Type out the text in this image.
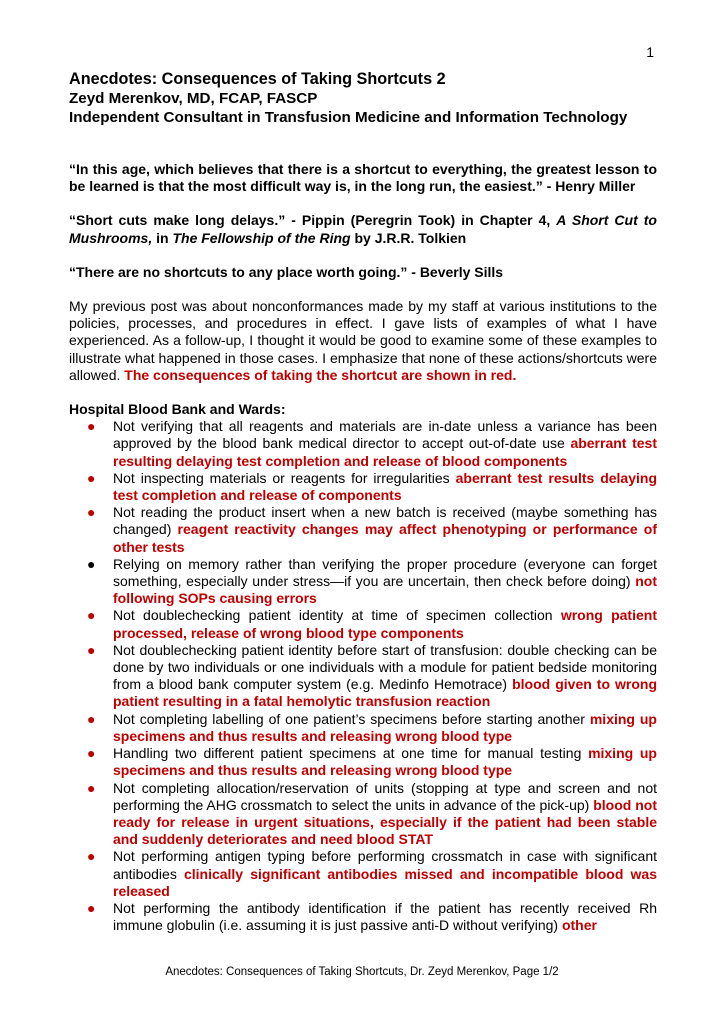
1
Anecdotes: Consequences of Taking Shortcuts 2
Zeyd Merenkov, MD, FCAP, FASCP
Independent Consultant in Transfusion Medicine and Information Technology
“In this age, which believes that there is a shortcut to everything, the greatest lesson to be learned is that the most difficult way is, in the long run, the easiest.” - Henry Miller
“Short cuts make long delays.” - Pippin (Peregrin Took) in Chapter 4, A Short Cut to Mushrooms, in The Fellowship of the Ring by J.R.R. Tolkien
“There are no shortcuts to any place worth going.” - Beverly Sills
My previous post was about nonconformances made by my staff at various institutions to the policies, processes, and procedures in effect. I gave lists of examples of what I have experienced. As a follow-up, I thought it would be good to examine some of these examples to illustrate what happened in those cases. I emphasize that none of these actions/shortcuts were allowed. The consequences of taking the shortcut are shown in red.
Hospital Blood Bank and Wards:
● Not verifying that all reagents and materials are in-date unless a variance has been approved by the blood bank medical director to accept out-of-date use aberrant test resulting delaying test completion and release of blood components
● Not inspecting materials or reagents for irregularities aberrant test results delaying test completion and release of components
● Not reading the product insert when a new batch is received (maybe something has changed) reagent reactivity changes may affect phenotyping or performance of other tests
● Relying on memory rather than verifying the proper procedure (everyone can forget something, especially under stress—if you are uncertain, then check before doing) not following SOPs causing errors
● Not doublechecking patient identity at time of specimen collection wrong patient processed, release of wrong blood type components
● Not doublechecking patient identity before start of transfusion: double checking can be done by two individuals or one individuals with a module for patient bedside monitoring from a blood bank computer system (e.g. Medinfo Hemotrace) blood given to wrong patient resulting in a fatal hemolytic transfusion reaction
● Not completing labelling of one patient’s specimens before starting another mixing up specimens and thus results and releasing wrong blood type
● Handling two different patient specimens at one time for manual testing mixing up specimens and thus results and releasing wrong blood type
● Not completing allocation/reservation of units (stopping at type and screen and not performing the AHG crossmatch to select the units in advance of the pick-up) blood not ready for release in urgent situations, especially if the patient had been stable and suddenly deteriorates and need blood STAT
● Not performing antigen typing before performing crossmatch in case with significant antibodies clinically significant antibodies missed and incompatible blood was released
● Not performing the antibody identification if the patient has recently received Rh immune globulin (i.e. assuming it is just passive anti-D without verifying) other
Anecdotes: Consequences of Taking Shortcuts, Dr. Zeyd Merenkov, Page 1/2
